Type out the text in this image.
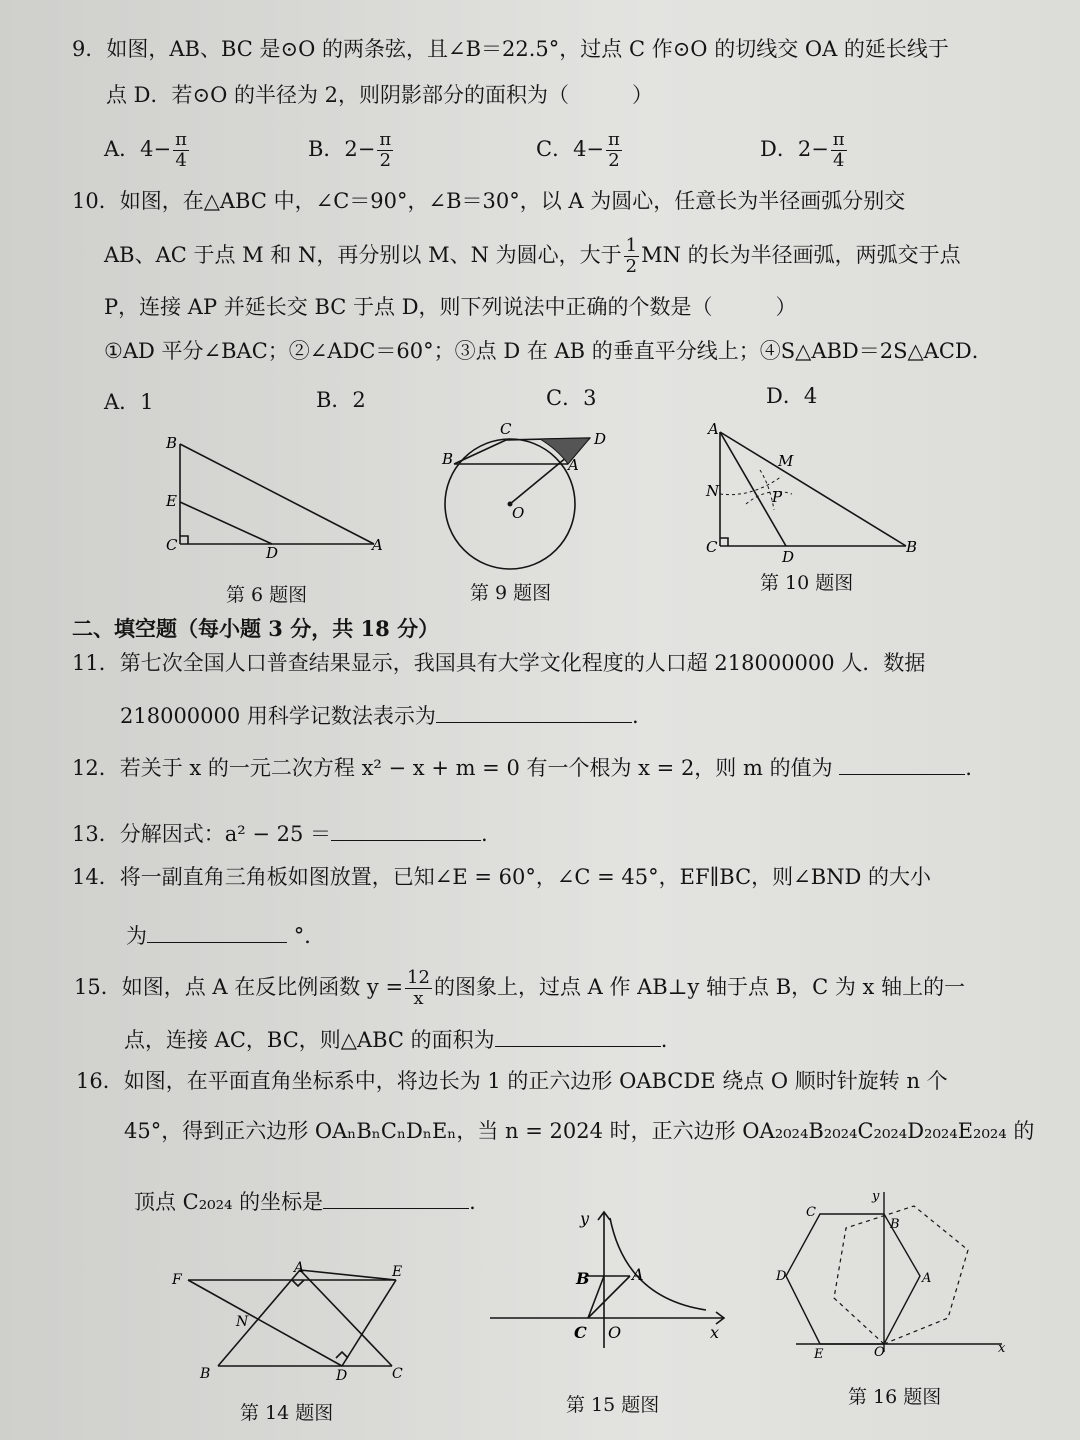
9．如图，AB、BC 是⊙O 的两条弦，且∠B＝22.5°，过点 C 作⊙O 的切线交 OA 的延长线于
点 D．若⊙O 的半径为 2，则阴影部分的面积为（　　　）
A．$4- \frac{\pi}{4}$	B．$2- \frac{\pi}{2}$	C．$4- \frac{\pi}{2}$	D．$2- \frac{\pi}{4}$
10．如图，在△ABC 中，∠C＝90°，∠B＝30°，以 A 为圆心，任意长为半径画弧分别交
AB、AC 于点 M 和 N，再分别以 M、N 为圆心，大于 $\frac{1}{2}$ MN 的长为半径画弧，两弧交于点
P，连接 AP 并延长交 BC 于点 D，则下列说法中正确的个数是（　　　）
①AD 平分∠BAC；②∠ADC＝60°；③点 D 在 AB 的垂直平分线上；④S△ABD＝2S△ACD．
A．1	B．2	C．3	D．4
B
E
C	D	A
第 6 题图
C
D
B	A
O
第 9 题图
A
M
N	P
C
D
B
第 10 题图
二、填空题（每小题 3 分，共 18 分）
11．第七次全国人口普查结果显示，我国具有大学文化程度的人口超 218000000 人．数据
218000000 用科学记数法表示为	.
12．若关于 x 的一元二次方程 x² − x + m = 0 有一个根为 x = 2，则 m 的值为	.
13．分解因式：a² − 25 ＝	.
14．将一副直角三角板如图放置，已知∠E = 60°，∠C = 45°，EF∥BC，则∠BND 的大小
为	°．
15．如图，点 A 在反比例函数 $y = \frac{12}{x}$ 的图象上，过点 A 作 AB⊥y 轴于点 B，C 为 x 轴上的一
点，连接 AC，BC，则△ABC 的面积为	.
16．如图，在平面直角坐标系中，将边长为 1 的正六边形 OABCDE 绕点 O 顺时针旋转 n 个
45°，得到正六边形 OAₙBₙCₙDₙEₙ，当 n = 2024 时，正六边形 OA₂₀₂₄B₂₀₂₄C₂₀₂₄D₂₀₂₄E₂₀₂₄ 的
顶点 C₂₀₂₄ 的坐标是	.
F
A	E
N
B	D	C
第 14 题图
y
B	A
C O	x
第 15 题图
y
C
B
D	A
E	O	x
第 16 题图
